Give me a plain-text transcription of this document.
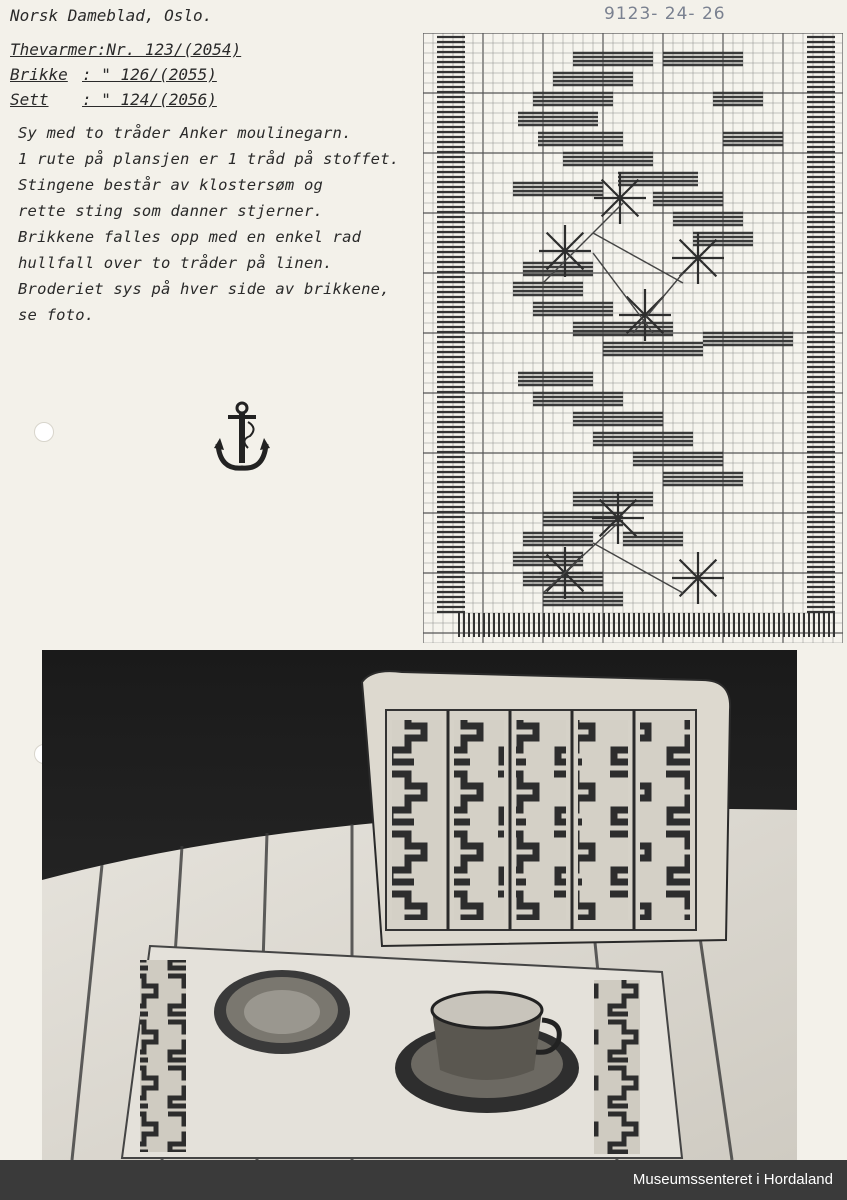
9123- 24- 26
Norsk Dameblad, Oslo.
Thevarmer:Nr. 123/(2054)
Brikke : " 126/(2055)
Sett : " 124/(2056)
Sy med to tråder Anker moulinegarn.
1 rute på plansjen er 1 tråd på stoffet.
Stingene består av klostersøm og
rette sting som danner stjerner.
Brikkene falles opp med en enkel rad
hullfall over to tråder på linen.
Broderiet sys på hver side av brikkene,
se foto.
Museumssenteret i Hordaland
